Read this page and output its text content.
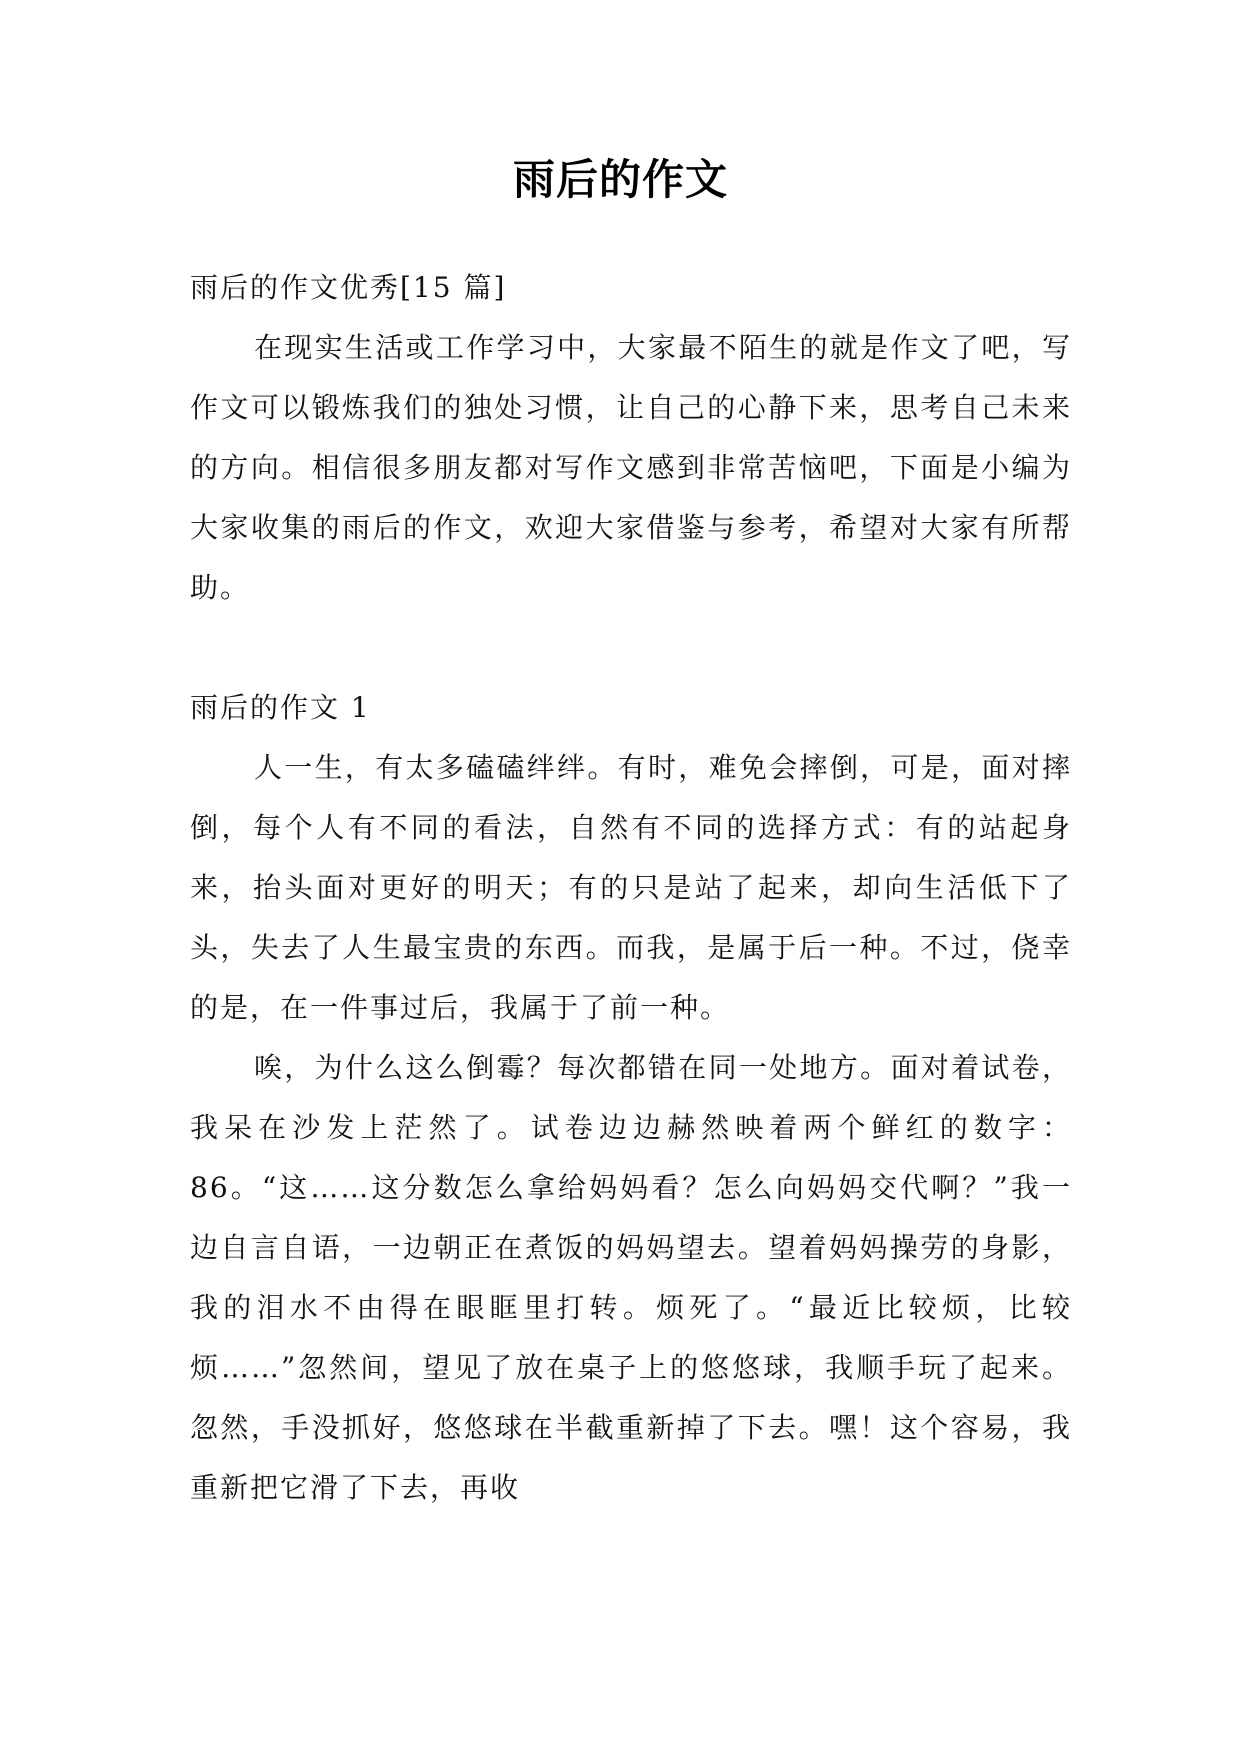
雨后的作文

雨后的作文优秀[15 篇]

在现实生活或工作学习中，大家最不陌生的就是作文了吧，写作文可以锻炼我们的独处习惯，让自己的心静下来，思考自己未来的方向。相信很多朋友都对写作文感到非常苦恼吧，下面是小编为大家收集的雨后的作文，欢迎大家借鉴与参考，希望对大家有所帮助。

雨后的作文 1

人一生，有太多磕磕绊绊。有时，难免会摔倒，可是，面对摔倒，每个人有不同的看法，自然有不同的选择方式：有的站起身来，抬头面对更好的明天；有的只是站了起来，却向生活低下了头，失去了人生最宝贵的东西。而我，是属于后一种。不过，侥幸的是，在一件事过后，我属于了前一种。

唉，为什么这么倒霉？每次都错在同一处地方。面对着试卷，我呆在沙发上茫然了。试卷边边赫然映着两个鲜红的数字：86。“这……这分数怎么拿给妈妈看？怎么向妈妈交代啊？”我一边自言自语，一边朝正在煮饭的妈妈望去。望着妈妈操劳的身影，我的泪水不由得在眼眶里打转。烦死了。“最近比较烦，比较烦……”忽然间，望见了放在桌子上的悠悠球，我顺手玩了起来。忽然，手没抓好，悠悠球在半截重新掉了下去。嘿！这个容易，我重新把它滑了下去，再收
